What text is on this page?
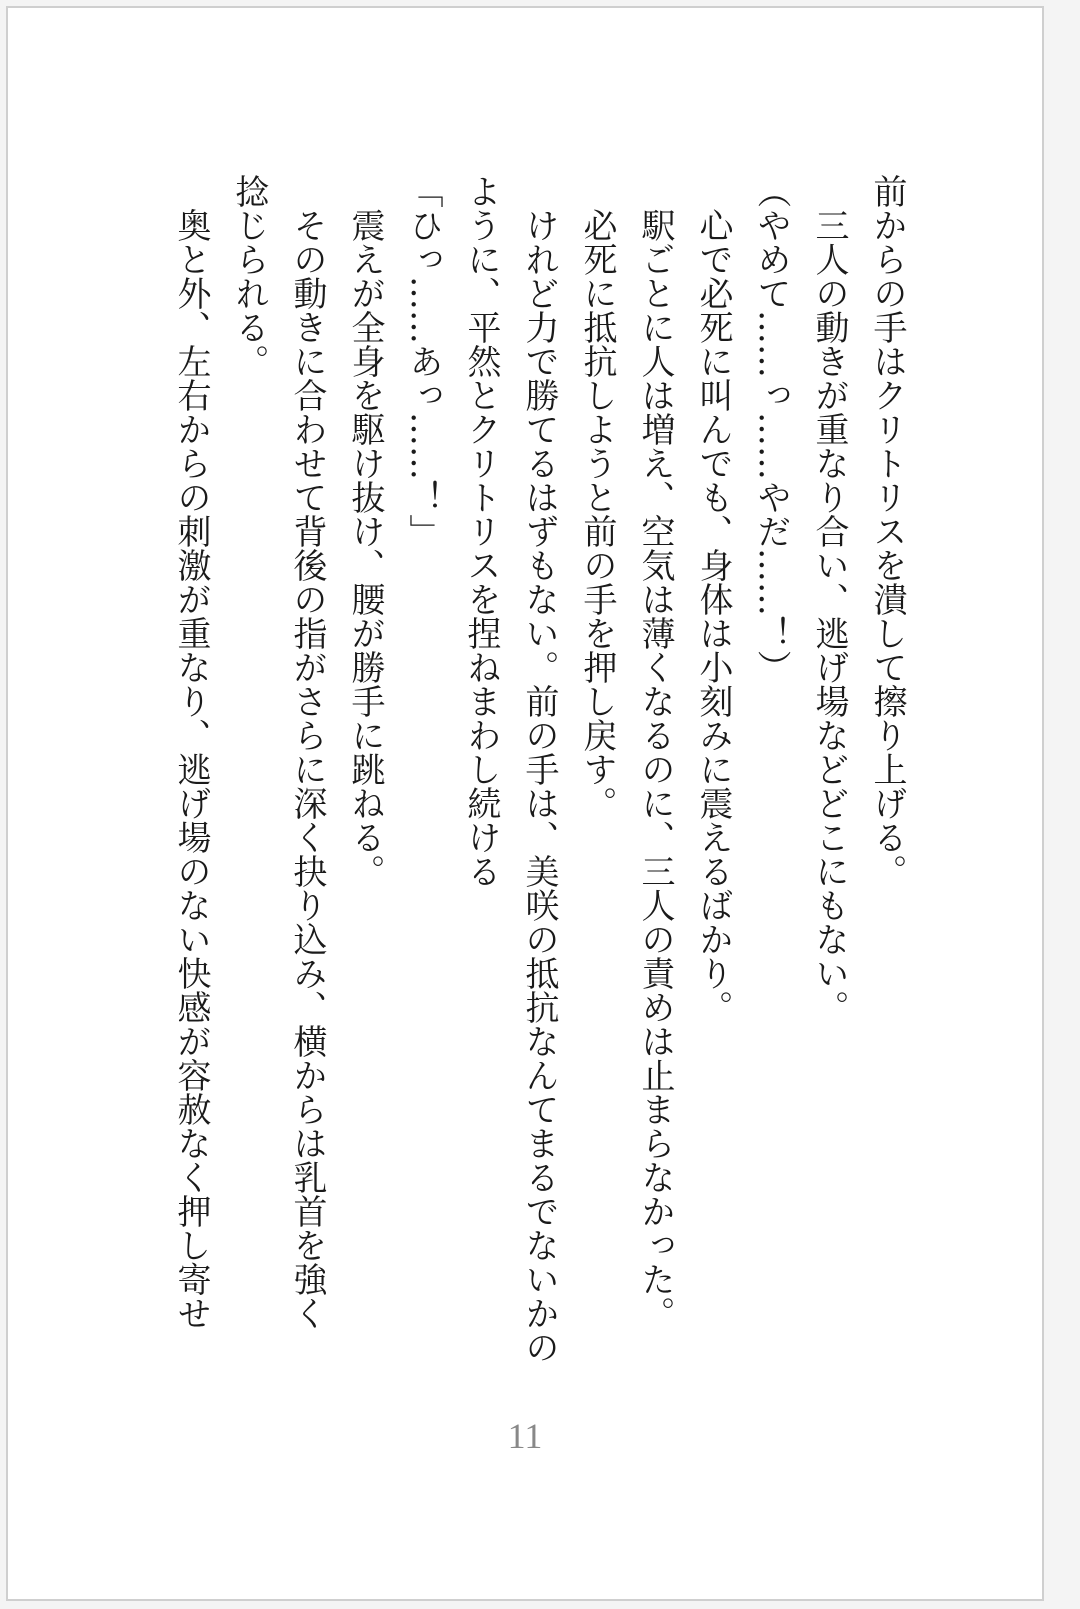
前からの手はクリトリスを潰して擦り上げる。

　三人の動きが重なり合い、逃げ場などどこにもない。

（やめて……っ……やだ……！）

　心で必死に叫んでも、身体は小刻みに震えるばかり。

　駅ごとに人は増え、空気は薄くなるのに、三人の責めは止まらなかった。

　必死に抵抗しようと前の手を押し戻す。

　けれど力で勝てるはずもない。前の手は、美咲の抵抗なんてまるでないかの

ように、平然とクリトリスを捏ねまわし続ける

「ひっ……あっ……！」

　震えが全身を駆け抜け、腰が勝手に跳ねる。

　その動きに合わせて背後の指がさらに深く抉り込み、横からは乳首を強く

捻じられる。

　奥と外、左右からの刺激が重なり、逃げ場のない快感が容赦なく押し寄せ

11
